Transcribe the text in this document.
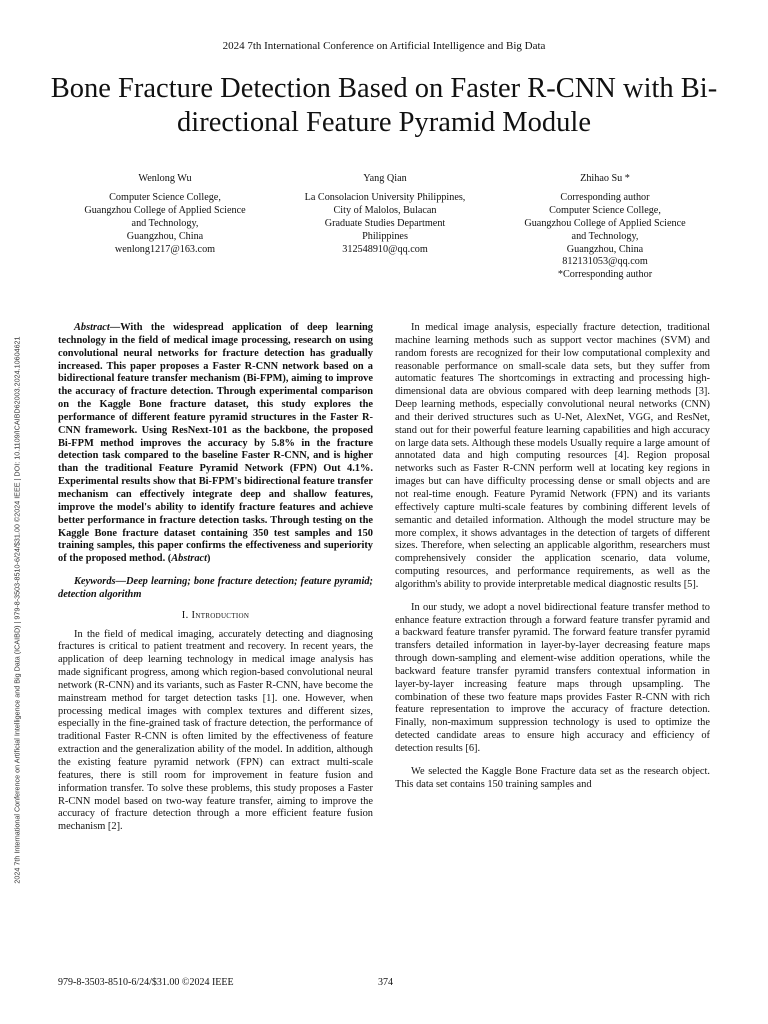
2024 7th International Conference on Artificial Intelligence and Big Data (ICAIBD) | 979-8-3503-8510-6/24/$31.00 ©2024 IEEE | DOI: 10.1109/ICAIBD62003.2024.10604621
2024 7th International Conference on Artificial Intelligence and Big Data
Bone Fracture Detection Based on Faster R-CNN with Bi-directional Feature Pyramid Module
Wenlong Wu
Computer Science College,
Guangzhou College of Applied Science
and Technology,
Guangzhou, China
wenlong1217@163.com
Yang Qian
La Consolacion University Philippines,
City of Malolos, Bulacan
Graduate Studies Department
Philippines
312548910@qq.com
Zhihao Su *
Corresponding author
Computer Science College,
Guangzhou College of Applied Science
and Technology,
Guangzhou, China
812131053@qq.com
*Corresponding author

Abstract—With the widespread application of deep learning technology in the field of medical image processing, research on using convolutional neural networks for fracture detection has gradually increased. This paper proposes a Faster R-CNN network based on a bidirectional feature transfer mechanism (Bi-FPM), aiming to improve the accuracy of fracture detection. Through experimental comparison on the Kaggle Bone fracture dataset, this study explores the performance of different feature pyramid structures in the Faster R-CNN framework. Using ResNext-101 as the backbone, the proposed Bi-FPM method improves the accuracy by 5.8% in the fracture detection task compared to the baseline Faster R-CNN, and is higher than the traditional Feature Pyramid Network (FPN) Out 4.1%. Experimental results show that Bi-FPM's bidirectional feature transfer mechanism can effectively integrate deep and shallow features, improve the model's ability to identify fracture features and achieve better performance in fracture detection tasks. Through testing on the Kaggle Bone fracture dataset containing 350 test samples and 150 training samples, this paper confirms the effectiveness and superiority of the proposed method. (Abstract)

Keywords—Deep learning; bone fracture detection; feature pyramid; detection algorithm

I. Introduction

In the field of medical imaging, accurately detecting and diagnosing fractures is critical to patient treatment and recovery. In recent years, the application of deep learning technology in medical image analysis has made significant progress, among which region-based convolutional neural network (R-CNN) and its variants, such as Faster R-CNN, have become the mainstream method for target detection tasks [1]. one. However, when processing medical images with complex textures and different sizes, especially in the fine-grained task of fracture detection, the performance of traditional Faster R-CNN is often limited by the effectiveness of feature extraction and the generalization ability of the model. In addition, although the existing feature pyramid network (FPN) can extract multi-scale features, there is still room for improvement in feature fusion and information transfer. To solve these problems, this study proposes a Faster R-CNN model based on two-way feature transfer, aiming to improve the accuracy of fracture detection through a more efficient feature fusion mechanism [2].

In medical image analysis, especially fracture detection, traditional machine learning methods such as support vector machines (SVM) and random forests are recognized for their low computational complexity and reasonable performance on small-scale data sets, but they suffer from automatic features The shortcomings in extracting and processing high-dimensional data are obvious compared with deep learning methods [3]. Deep learning methods, especially convolutional neural networks (CNN) and their derived structures such as U-Net, AlexNet, VGG, and ResNet, stand out for their powerful feature learning capabilities and high accuracy on large data sets. Although these models Usually require a large amount of annotated data and high computing resources [4]. Region proposal networks such as Faster R-CNN perform well at locating key regions in images but can have difficulty processing dense or small objects and are not real-time enough. Feature Pyramid Network (FPN) and its variants effectively capture multi-scale features by combining different levels of semantic and detailed information. Although the model structure may be more complex, it shows advantages in the detection of targets of different sizes. Therefore, when selecting an applicable algorithm, researchers must comprehensively consider the application scenario, data volume, computing resources, and performance requirements, as well as the algorithm's ability to provide interpretable medical diagnostic results [5].

In our study, we adopt a novel bidirectional feature transfer method to enhance feature extraction through a forward feature transfer pyramid and a backward feature transfer pyramid. The forward feature transfer pyramid transfers detailed information in layer-by-layer decreasing feature maps through down-sampling and element-wise addition operations, while the backward feature transfer pyramid transfers contextual information in layer-by-layer increasing feature maps through upsampling. The combination of these two feature maps provides Faster R-CNN with rich feature representation to improve the accuracy of fracture detection. Finally, non-maximum suppression technology is used to optimize the detected candidate areas to ensure high accuracy and efficiency of detection results [6].

We selected the Kaggle Bone Fracture data set as the research object. This data set contains 150 training samples and

979-8-3503-8510-6/24/$31.00 ©2024 IEEE	374
